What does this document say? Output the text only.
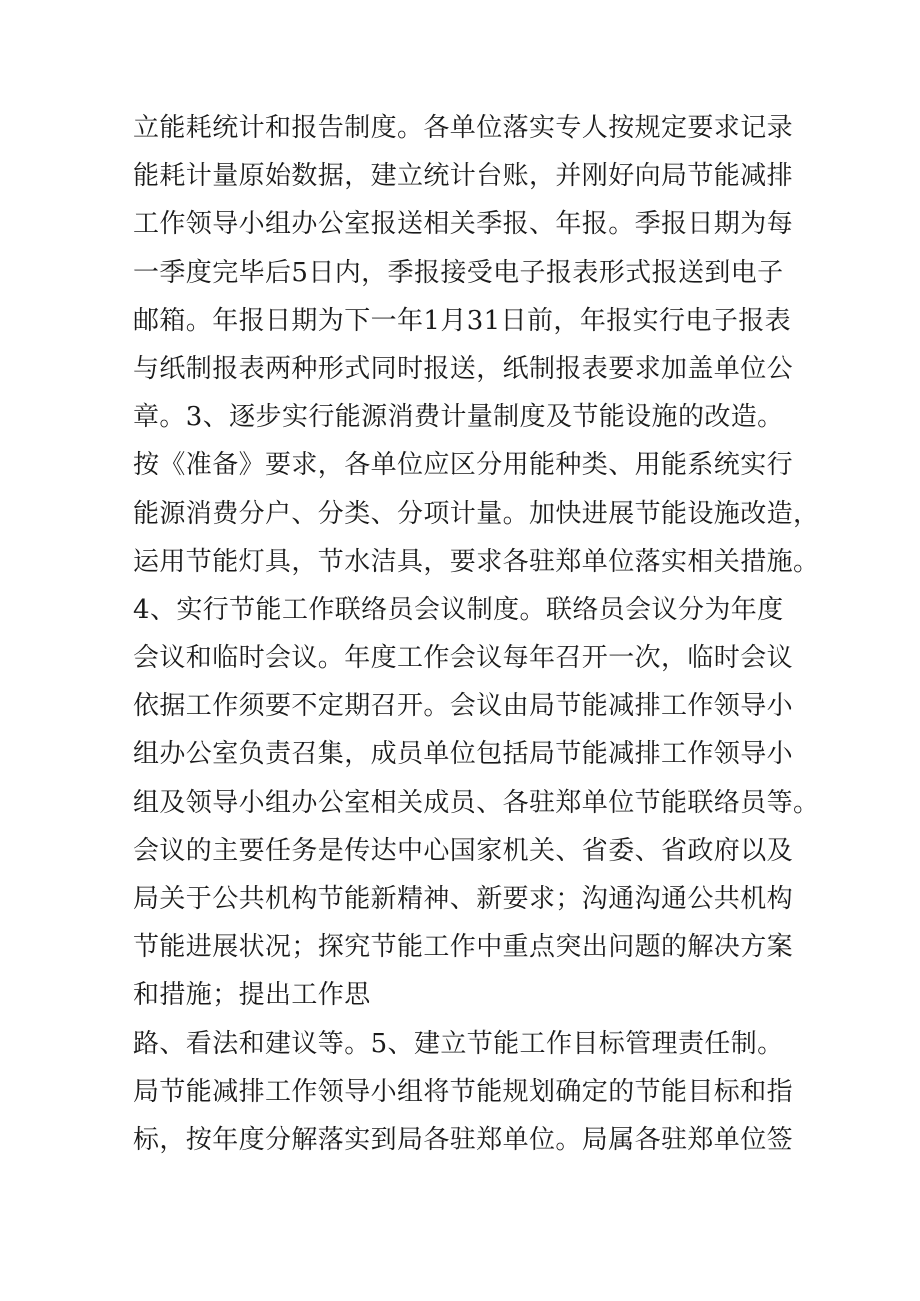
立能耗统计和报告制度。各单位落实专人按规定要求记录
能耗计量原始数据，建立统计台账，并刚好向局节能减排
工作领导小组办公室报送相关季报、年报。季报日期为每
一季度完毕后5日内，季报接受电子报表形式报送到电子
邮箱。年报日期为下一年1月31日前，年报实行电子报表
与纸制报表两种形式同时报送，纸制报表要求加盖单位公
章。3、逐步实行能源消费计量制度及节能设施的改造。
按《准备》要求，各单位应区分用能种类、用能系统实行
能源消费分户、分类、分项计量。加快进展节能设施改造，
运用节能灯具，节水洁具，要求各驻郑单位落实相关措施。
4、实行节能工作联络员会议制度。联络员会议分为年度
会议和临时会议。年度工作会议每年召开一次，临时会议
依据工作须要不定期召开。会议由局节能减排工作领导小
组办公室负责召集，成员单位包括局节能减排工作领导小
组及领导小组办公室相关成员、各驻郑单位节能联络员等。
会议的主要任务是传达中心国家机关、省委、省政府以及
局关于公共机构节能新精神、新要求；沟通沟通公共机构
节能进展状况；探究节能工作中重点突出问题的解决方案
和措施；提出工作思
路、看法和建议等。5、建立节能工作目标管理责任制。
局节能减排工作领导小组将节能规划确定的节能目标和指
标，按年度分解落实到局各驻郑单位。局属各驻郑单位签
